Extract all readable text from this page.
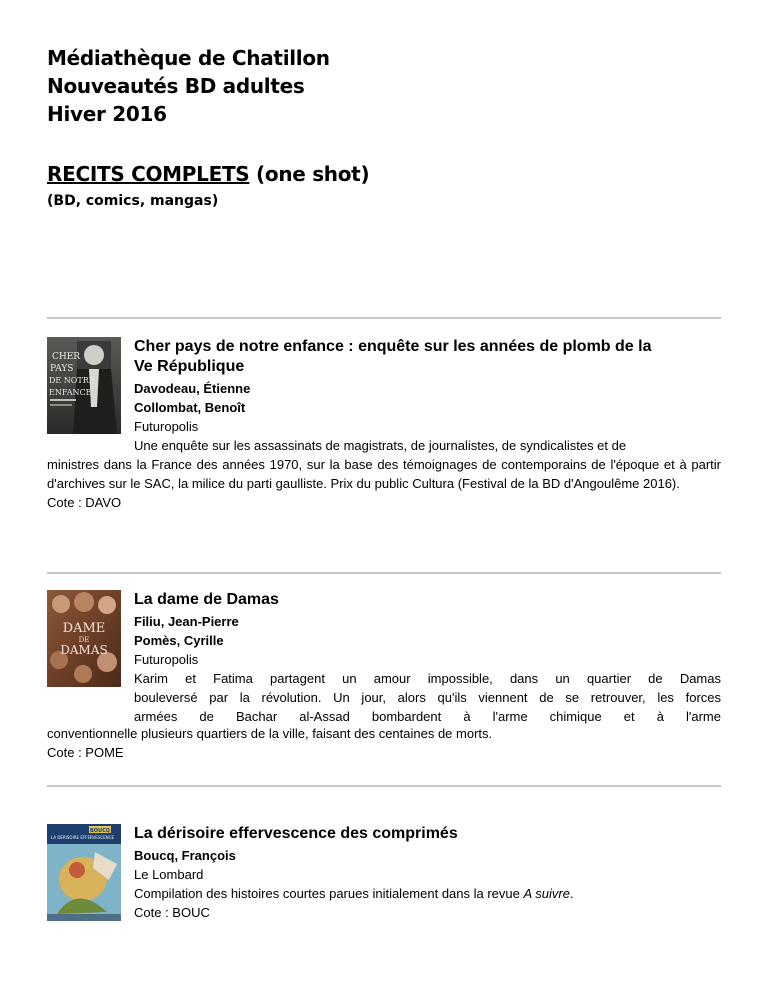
Médiathèque de Chatillon
Nouveautés BD adultes
Hiver 2016
RECITS COMPLETS (one shot)
(BD, comics, mangas)
CHER
PAYS
DE NOTRE
ENFANCE
Cher pays de notre enfance : enquête sur les années de plomb de la
Ve République
Davodeau, Étienne
Collombat, Benoît
Futuropolis
Une enquête sur les assassinats de magistrats, de journalistes, de syndicalistes et de
ministres dans la France des années 1970, sur la base des témoignages de contemporains de l'époque et à partir d'archives sur le SAC, la milice du parti gaulliste. Prix du public Cultura (Festival de la BD d'Angoulême 2016).
Cote : DAVO
DAME
DE
DAMAS
La dame de Damas
Filiu, Jean-Pierre
Pomès, Cyrille
Futuropolis
Karim et Fatima partagent un amour impossible, dans un quartier de Damas
bouleversé par la révolution. Un jour, alors qu'ils viennent de se retrouver, les forces
armées de Bachar al-Assad bombardent à l'arme chimique et à l'arme
conventionnelle plusieurs quartiers de la ville, faisant des centaines de morts.
Cote : POME
BOUCQ
LA DERISOIRE EFFERVESCENCE La dérisoire effervescence des comprimés
Boucq, François
Le Lombard
Compilation des histoires courtes parues initialement dans la revue A suivre.
Cote : BOUC
